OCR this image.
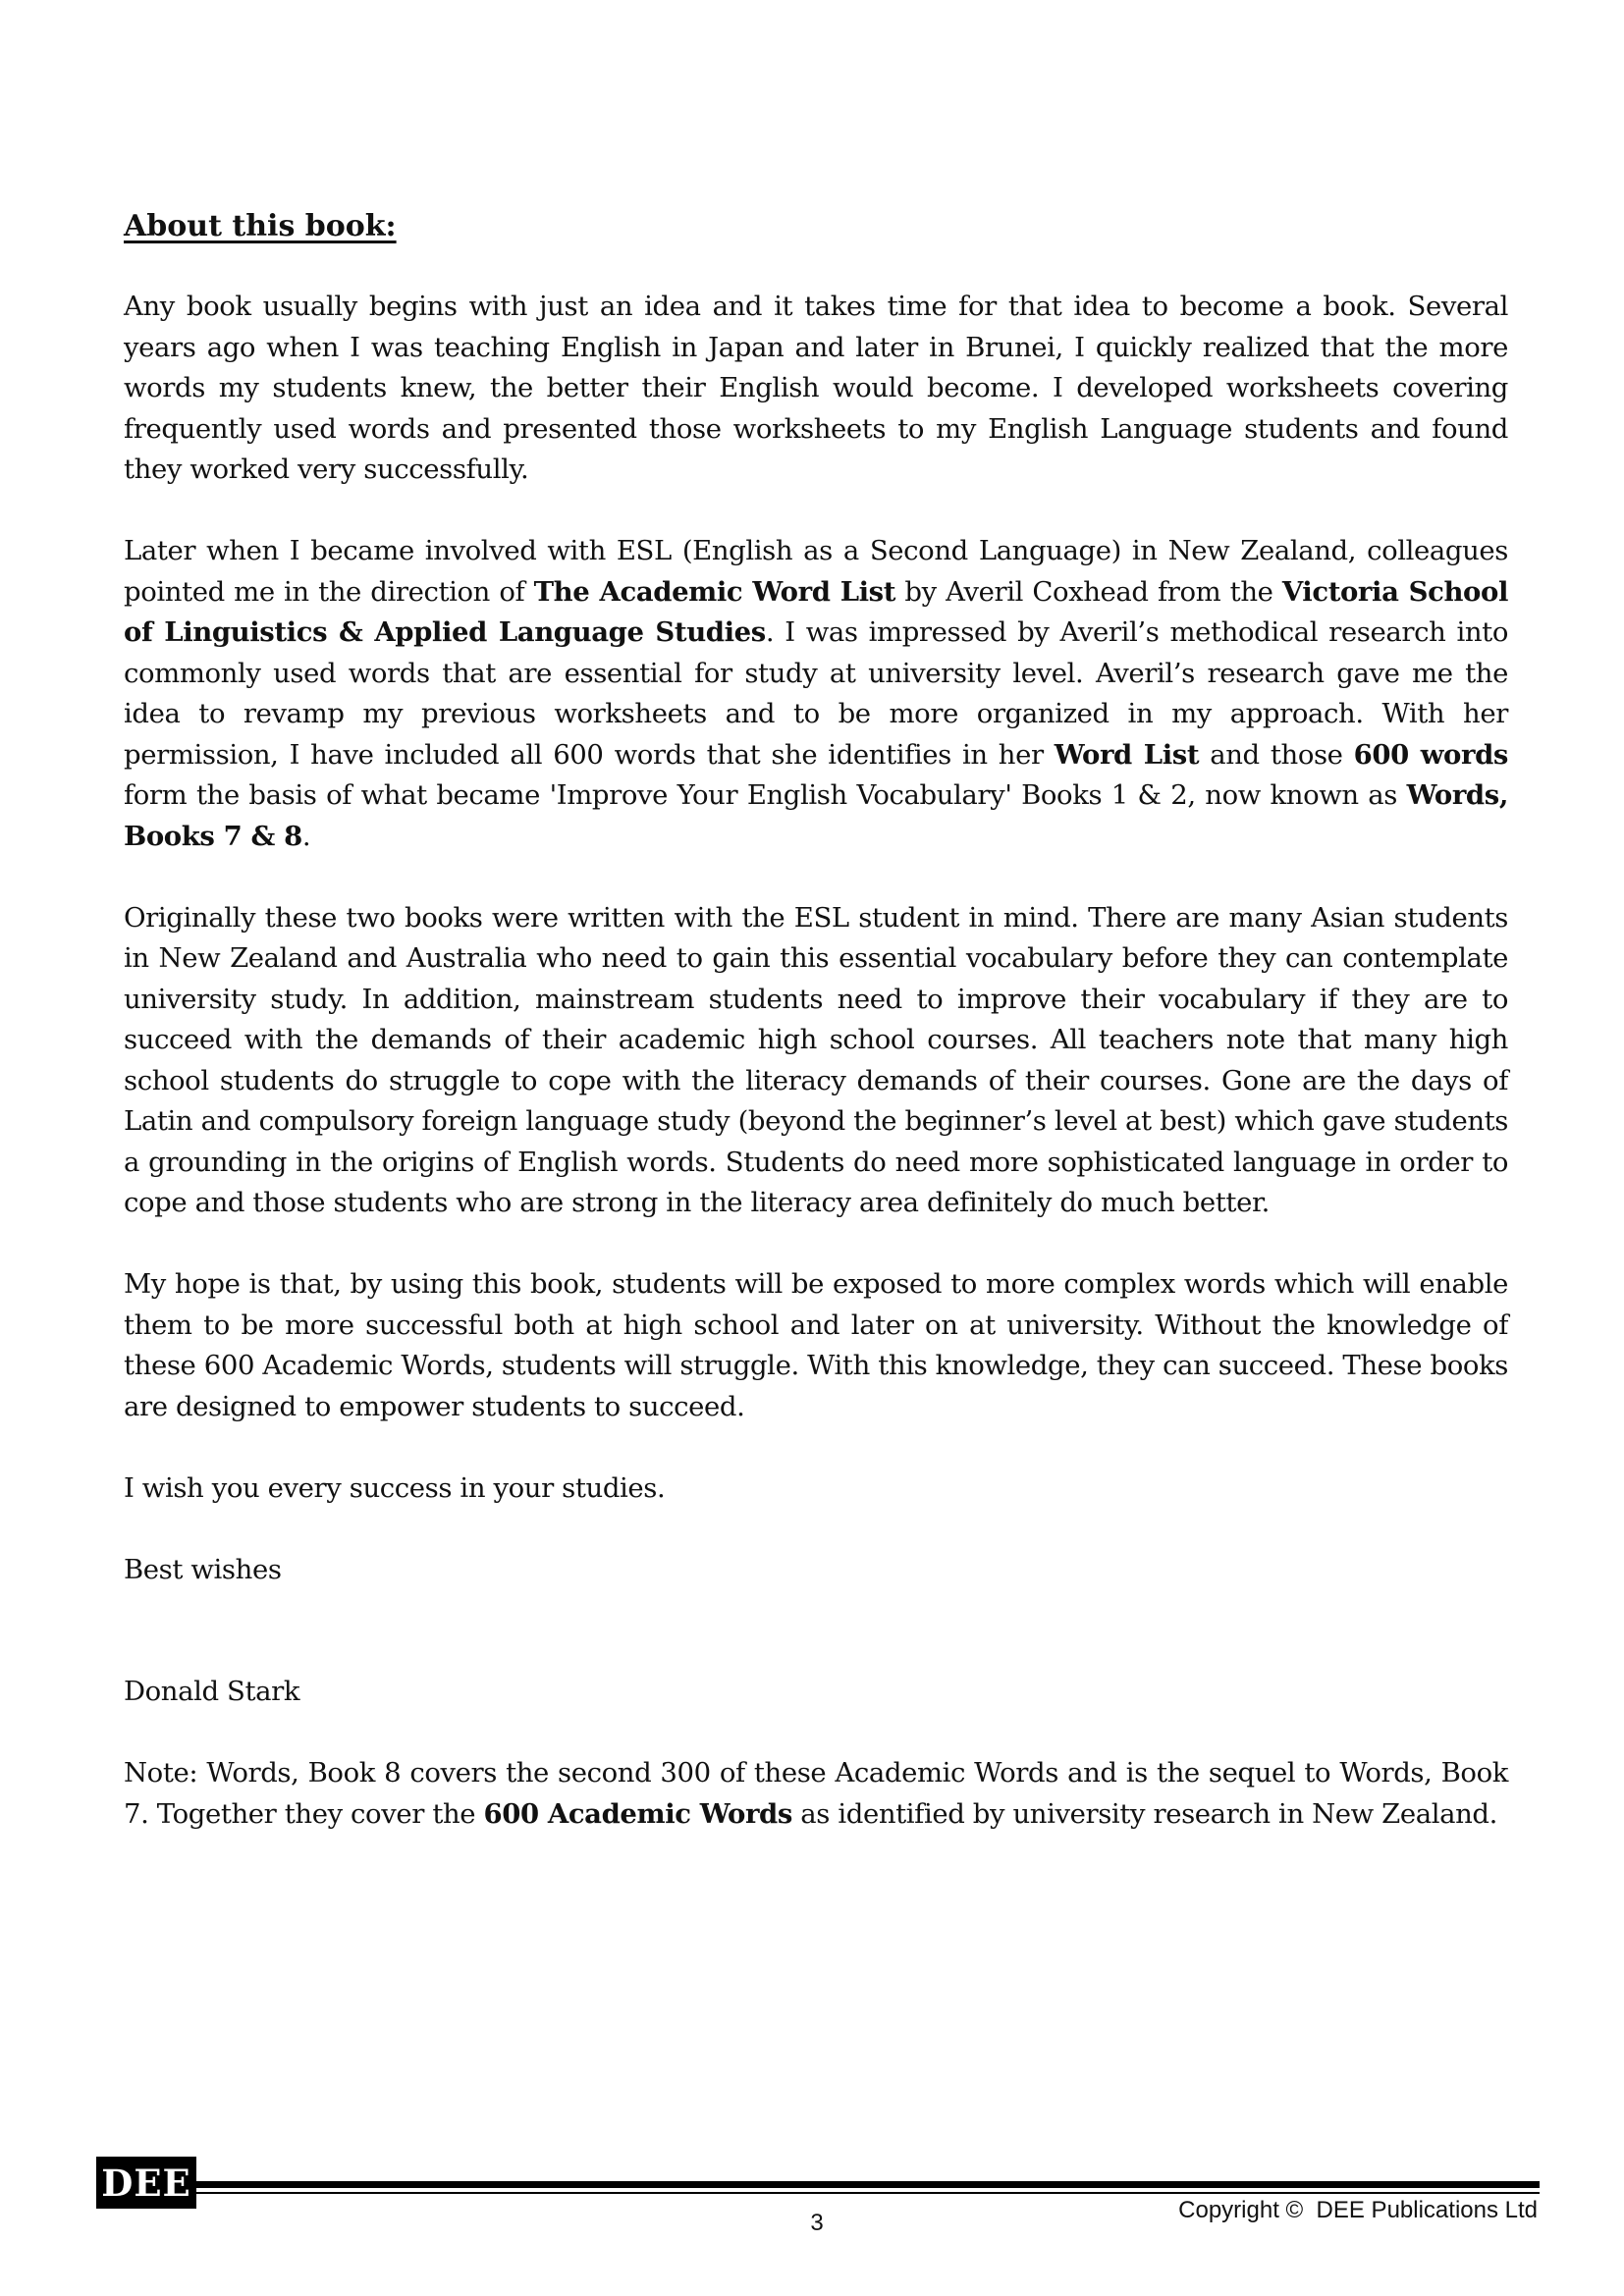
About this book:

Any book usually begins with just an idea and it takes time for that idea to become a book. Several years ago when I was teaching English in Japan and later in Brunei, I quickly realized that the more words my students knew, the better their English would become. I developed worksheets covering frequently used words and presented those worksheets to my English Language students and found they worked very successfully.

Later when I became involved with ESL (English as a Second Language) in New Zealand, colleagues pointed me in the direction of The Academic Word List by Averil Coxhead from the Victoria School of Linguistics & Applied Language Studies. I was impressed by Averil’s methodical research into commonly used words that are essential for study at university level. Averil’s research gave me the idea to revamp my previous worksheets and to be more organized in my approach. With her permission, I have included all 600 words that she identifies in her Word List and those 600 words form the basis of what became 'Improve Your English Vocabulary' Books 1 & 2, now known as Words, Books 7 & 8.

Originally these two books were written with the ESL student in mind. There are many Asian students in New Zealand and Australia who need to gain this essential vocabulary before they can contemplate university study. In addition, mainstream students need to improve their vocabulary if they are to succeed with the demands of their academic high school courses. All teachers note that many high school students do struggle to cope with the literacy demands of their courses. Gone are the days of Latin and compulsory foreign language study (beyond the beginner’s level at best) which gave students a grounding in the origins of English words. Students do need more sophisticated language in order to cope and those students who are strong in the literacy area definitely do much better.

My hope is that, by using this book, students will be exposed to more complex words which will enable them to be more successful both at high school and later on at university. Without the knowledge of these 600 Academic Words, students will struggle. With this knowledge, they can succeed. These books are designed to empower students to succeed.

I wish you every success in your studies.

Best wishes

Donald Stark

Note: Words, Book 8 covers the second 300 of these Academic Words and is the sequel to Words, Book 7. Together they cover the 600 Academic Words as identified by university research in New Zealand.

DEE
3	Copyright ©  DEE Publications Ltd
